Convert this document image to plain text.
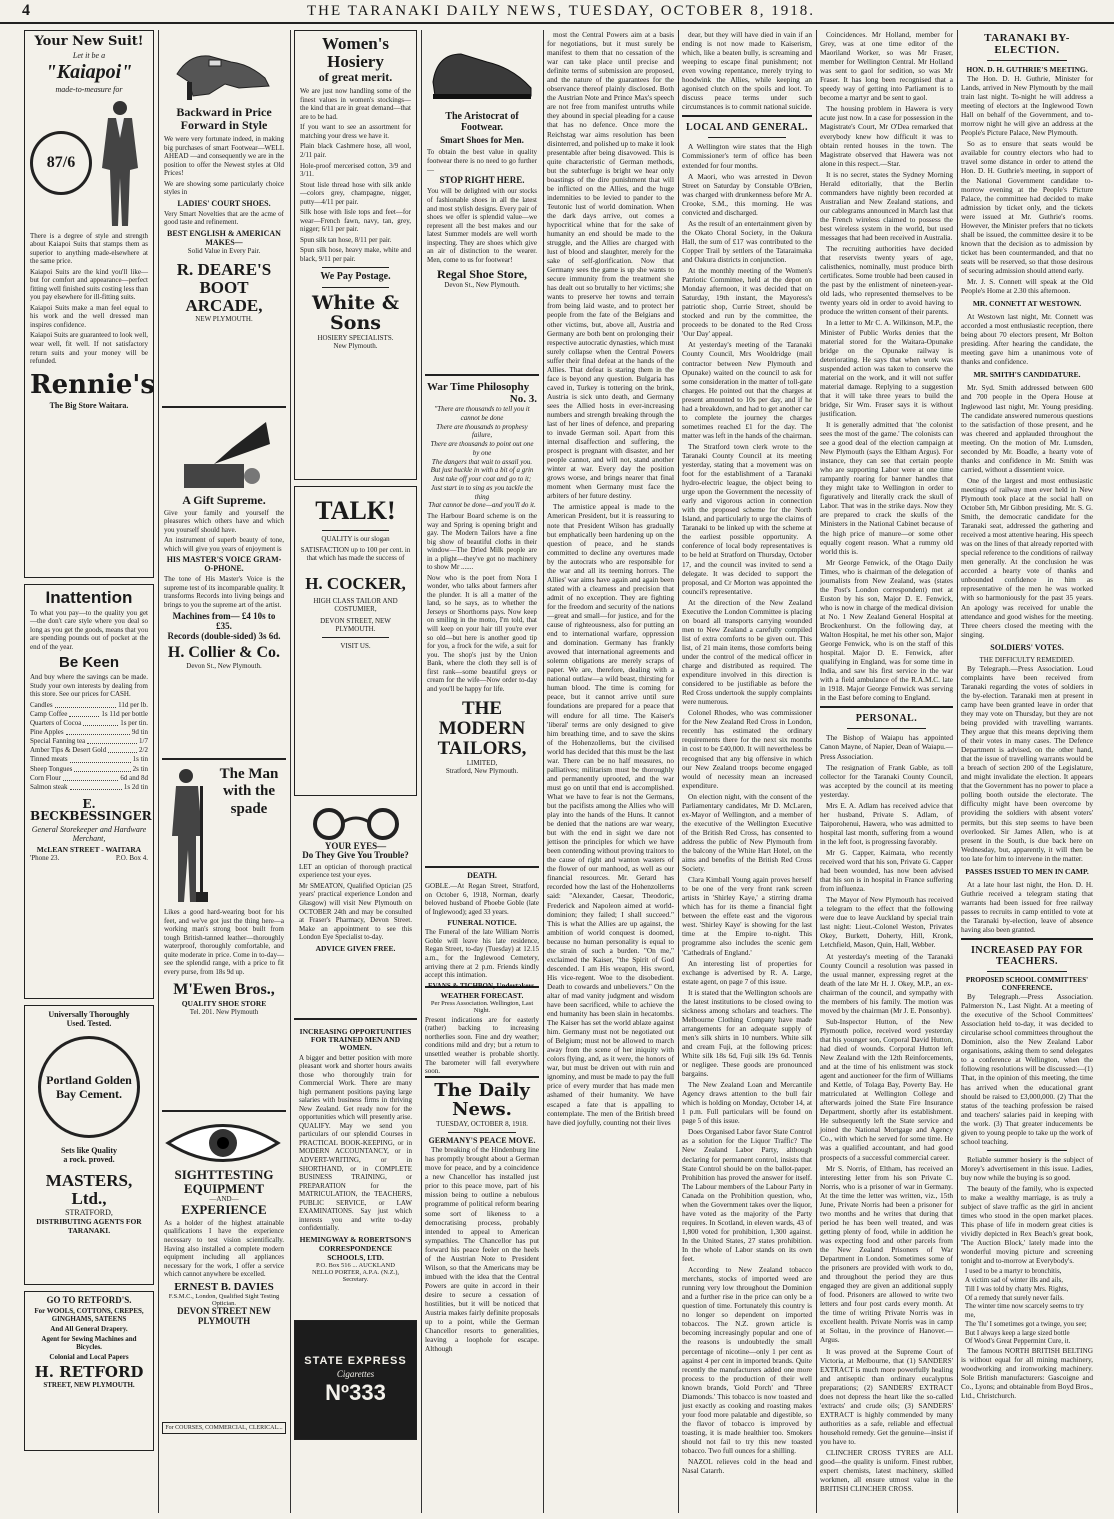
4	THE TARANAKI DAILY NEWS, TUESDAY, OCTOBER 8, 1918.
Your New Suit!
Let it be a
"Kaiapoi"
made-to-measure for
87/6

There is a degree of style and strength about Kaiapoi Suits that stamps them as superior to anything made-elsewhere at the same price.

Kaiapoi Suits are the kind you'll like—but for comfort and appearance—perfect fitting well finished suits costing less than you pay elsewhere for ill-fitting suits.

Kaiapoi Suits make a man feel equal to his work and the well dressed man inspires confidence.

Kaiapoi Suits are guaranteed to look well, wear well, fit well. If not satisfactory return suits and your money will be refunded.

Rennie's
The Big Store Waitara.
Inattention

To what you pay—to the quality you get—the don't care style where you deal so long as you get the goods, means that you are spending pounds out of pocket at the end of the year.

Be Keen

And buy where the savings can be made. Study your own interests by dealing from this store. See our prices for CASH.

Candles	11d per lb.
Camp Coffee	1s 11d per bottle
Quarters of Cocoa	1s per tin.
Pine Apples	9d tin
Special Fanning tea	1/7
Amber Tips & Desert Gold	2/2
Tinned meats	1s tin
Sheep Tongues	2s tin
Corn Flour	6d and 8d
Salmon steak	1s 2d tin
E. BECKBESSINGER
General Storekeeper and Hardware Merchant,
McLEAN STREET - WAITARA
'Phone 23.	P.O. Box 4.
Universally Thoroughly
Used. Tested.
Portland Golden Bay Cement.
Sets like Quality
a rock. proved.
MASTERS, Ltd.,
STRATFORD,
DISTRIBUTING AGENTS FOR TARANAKI.
GO TO RETFORD'S.
For WOOLS, COTTONS, CREPES, GINGHAMS, SATEENS
And All General Drapery.
Agent for Sewing Machines and Bicycles.
Colonial and Local Papers
H. RETFORD
STREET, NEW PLYMOUTH.
Backward in Price
Forward in Style

We were very fortunate indeed, in making big purchases of smart Footwear—WELL AHEAD —and consequently we are in the position to offer the Newest styles at Old Prices!

We are showing some particularly choice styles in

LADIES' COURT SHOES.

Very Smart Novelties that are the acme of good taste and refinement.

BEST ENGLISH & AMERICAN MAKES—
Solid Value in Every Pair.
R. DEARE'S BOOT ARCADE,
NEW PLYMOUTH.
A Gift Supreme.

Give your family and yourself the pleasures which others have and which you yourself should have.

An instrument of superb beauty of tone, which will give you years of enjoyment is

HIS MASTER'S VOICE GRAM-O-PHONE.

The tone of His Master's Voice is the supreme test of its incomparable quality. It transforms Records into living beings and brings to you the supreme art of the artist.

Machines from— £4 10s to £35.
Records (double-sided) 3s 6d.
H. Collier & Co.
Devon St., New Plymouth.
The Man with the spade

Likes a good hard-wearing boot for his feet, and we've got just the thing here—a working man's strong boot built from tough British-tanned leather—thoroughly waterproof, thoroughly comfortable, and quite moderate in price. Come in to-day—see the splendid range, with a price to fit every purse, from 18s 9d up.

M'Ewen Bros.,
QUALITY SHOE STORE
Tel. 201. New Plymouth
SIGHTTESTING
EQUIPMENT
—AND—
EXPERIENCE

As a holder of the highest attainable qualifications I have the experience necessary to test vision scientifically. Having also installed a complete modern equipment including all appliances necessary for the work, I offer a service which cannot anywhere be excelled.

ERNEST B. DAVIES
F.S.M.C., London, Qualified Sight Testing Optician.
DEVON STREET NEW PLYMOUTH
For COURSES, COMMERCIAL, CLERICAL...
Women's Hosiery
of great merit.

We are just now handling some of the finest values in women's stockings—the kind that are in great demand—that are to be had.

If you want to see an assortment for matching your dress we have it.

Plain black Cashmere hose, all wool, 2/11 pair.

Hole-proof mercerised cotton, 3/9 and 3/11.

Stout lisle thread hose with silk ankle—colors grey, champagne, nigger, putty—4/11 per pair.

Silk hose with lisle tops and feet—for wear—French fawn, navy, tan, grey, nigger; 6/11 per pair.

Spun silk tan hose, 8/11 per pair.

Spun silk hose, heavy make, white and black, 9/11 per pair.

We Pay Postage.
White & Sons
HOSIERY SPECIALISTS.
New Plymouth.
TALK!

QUALITY is our slogan

SATISFACTION up to 100 per cent. in that which has made the success of

H. COCKER,
HIGH CLASS TAILOR AND COSTUMIER,
DEVON STREET, NEW PLYMOUTH.
VISIT US.
YOUR EYES—
Do They Give You Trouble?

LET an optician of thorough practical experience test your eyes.

Mr SMEATON, Qualified Optician (25 years' practical experience London and Glasgow) will visit New Plymouth on OCTOBER 24th and may be consulted at Fraser's Pharmacy, Devon Street. Make an appointment to see this London Eye Specialist to-day.

ADVICE GIVEN FREE.
INCREASING OPPORTUNITIES FOR TRAINED MEN AND WOMEN.

A bigger and better position with more pleasant work and shorter hours awaits those who thoroughly train for Commercial Work. There are many high permanent positions paying large salaries with business firms in thriving New Zealand. Get ready now for the opportunities which will presently arise. QUALIFY. May we send you particulars of our splendid Courses in PRACTICAL BOOK-KEEPING, or in MODERN ACCOUNTANCY, or in ADVERT-WRITING, or in SHORTHAND, or in COMPLETE BUSINESS TRAINING, or PREPARATION for the MATRICULATION, the TEACHERS, PUBLIC SERVICE, or LAW EXAMINATIONS. Say just which interests you and write to-day confidentially.

HEMINGWAY & ROBERTSON'S CORRESPONDENCE SCHOOLS, LTD.
P.O. Box 516 ... AUCKLAND
NELLO PORTER, A.P.A. (N.Z.), Secretary.
STATE EXPRESS
Cigarettes
Nº333
The Aristocrat of Footwear.
Smart Shoes for Men.

To obtain the best value in quality footwear there is no need to go further—

STOP RIGHT HERE.

You will be delighted with our stocks of fashionable shoes in all the latest and most stylish designs. Every pair of shoes we offer is splendid value—we represent all the best makes and our latest Summer models are well worth inspecting. They are shoes which give an air of distinction to the wearer. Men, come to us for footwear!

Regal Shoe Store,
Devon St., New Plymouth.
War Time Philosophy
No. 3.
"There are thousands to tell you it cannot be done
There are thousands to prophesy failure,
There are thousands to point out one by one
The dangers that wait to assail you.
But just buckle in with a bit of a grin
Just take off your coat and go to it;
Just start in to sing as you tackle the thing
That cannot be done—and you'll do it.

The Harbour Board scheme is on the way and Spring is opening bright and gay. The Modern Tailors have a fine big show of beautiful cloths in their window—The Dried Milk people are in a plight—they've got no machinery to show Mr .......

Now who is the poet from Nora I wonder, who talks about farmers after the plunder. It is all a matter of the land, so he says, as to whether the Jerseys or Shorthorns pays. Now keep on smiling in the motto, I'm told, that will keep on your hair till you're ever so old—but here is another good tip for you, a frock for the wife, a suit for you. The shop's just by the Union Bank, where the cloth they sell is of first rank—some beautiful greys or cream for the wife—Now order to-day and you'll be happy for life.

THE MODERN TAILORS,
LIMITED,
Stratford, New Plymouth.
DEATH.

GOBLE.—At Regan Street, Stratford, on October 6, 1918, Norman, dearly beloved husband of Phoebe Goble (late of Inglewood); aged 33 years.

FUNERAL NOTICE.

The Funeral of the late William Norris Goble will leave his late residence, Regan Street, to-day (Tuesday) at 12.15 a.m., for the Inglewood Cemetery, arriving there at 2 p.m. Friends kindly accept this intimation.

EVANS & TICHBON, Undertakers.
WEATHER FORECAST.
Per Press Association. Wellington, Last Night.

Present indications are for easterly (rather) backing to increasing northerlies soon. Fine and dry weather; conditions mild and dry; but a return to unsettled weather is probable shortly. The barometer will fall everywhere soon.

The Daily News.
TUESDAY, OCTOBER 8, 1918.
GERMANY'S PEACE MOVE.

The breaking of the Hindenburg line has promptly brought about a German move for peace, and by a coincidence a new Chancellor has installed just prior to this peace move, part of his mission being to outline a nebulous programme of political reform bearing some sort of likeness to a democratising process, probably intended to appeal to American sympathies. The Chancellor has put forward his peace feeler on the heels of the Austrian Note to President Wilson, so that the Americans may be imbued with the idea that the Central Powers are quite in accord in their desire to secure a cessation of hostilities, but it will be noticed that Austria makes fairly definite proposals up to a point, while the German Chancellor resorts to generalities, leaving a loophole for escape. Although

most the Central Powers aim at a basis for negotiations, but it must surely be manifest to them that no cessation of the war can take place until precise and definite terms of submission are proposed, and the nature of the guarantees for the observance thereof plainly disclosed. Both the Austrian Note and Prince Max's speech are not free from manifest untruths while they abound in special pleading for a cause that has no defence. Once more the Reichstag war aims resolution has been disinterred, and polished up to make it look presentable after being disavowed. This is quite characteristic of German methods, but the subterfuge is bright we hear only boastings of the dire punishment that will be inflicted on the Allies, and the huge indemnities to be levied to pander to the Teutonic lust of world domination. When the dark days arrive, out comes a hypocritical whine that for the sake of humanity an end should be made to the struggle, and the Allies are charged with lust of blood and slaughter, merely for the sake of self-glorification. Now that Germany sees the game is up she wants to secure immunity from the treatment she has dealt out so brutally to her victims; she wants to preserve her towns and terrain from being laid waste, and to protect her people from the fate of the Belgians and other victims, but, above all, Austria and Germany are both bent on prolonging their respective autocratic dynasties, which must surely collapse when the Central Powers suffer their final defeat at the hands of the Allies. That defeat is staring them in the face is beyond any question. Bulgaria has caved in, Turkey is tottering on the brink, Austria is sick unto death, and Germany sees the Allied hosts in ever-increasing numbers and strength breaking through the last of her lines of defence, and preparing to invade German soil. Apart from this internal disaffection and suffering, the prospect is pregnant with disaster, and her people cannot, and will not, stand another winter at war. Every day the position grows worse, and brings nearer that final moment when Germany must face the arbiters of her future destiny.

The armistice appeal is made to the American President, but it is reassuring to note that President Wilson has gradually but emphatically been hardening up on the question of peace, and he stands committed to decline any overtures made by the autocrats who are responsible for the war and all its teeming horrors. The Allies' war aims have again and again been stated with a clearness and precision that admit of no exception. They are fighting for the freedom and security of the nations—great and small—for justice, and for the cause of righteousness, also for putting an end to international warfare, oppression and domination. Germany has frankly avowed that international agreements and solemn obligations are merely scraps of paper. We are, therefore, dealing with a national outlaw—a wild beast, thirsting for human blood. The time is coming for peace, but it cannot arrive until sure foundations are prepared for a peace that will endure for all time. The Kaiser's 'liberal' terms are only designed to give him breathing time, and to save the skins of the Hohenzollerns, but the civilised world has decided that this must be the last war. There can be no half measures, no palliatives; militarism must be thoroughly and permanently uprooted, and the war must go on until that end is accomplished. What we have to fear is not the Germans, but the pacifists among the Allies who will play into the hands of the Huns. It cannot be denied that the nations are war weary, but with the end in sight we dare not jettison the principles for which we have been contending without proving traitors to the cause of right and wanton wasters of the flower of our manhood, as well as our financial resources. Mr. Gerard has recorded how the last of the Hohenzollerns said: "Alexander, Caesar, Theodoric, Frederick and Napoleon aimed at world-dominion; they failed; I shall succeed." This is what the Allies are up against, the ambition of world conquest is doomed, because no human personality is equal to the strain of such a burden. "On me," exclaimed the Kaiser, "the Spirit of God descended. I am His weapon, His sword, His vice-regent. Woe to the disobedient. Death to cowards and unbelievers." On the altar of mad vanity judgment and wisdom have been sacrificed, while to achieve the end humanity has been slain in hecatombs. The Kaiser has set the world ablaze against him. Germany must not be negotiated out of Belgium; must not be allowed to march away from the scene of her iniquity with colors flying, and, as it were, the honors of war, but must be driven out with ruin and ignominy, and must be made to pay the full price of every murder that has made men ashamed of their humanity. We have escaped a fate that is appalling to contemplate. The men of the British breed have died joyfully, counting not their lives

dear, but they will have died in vain if an ending is not now made to Kaiserism, which, like a beaten bully, is screaming and weeping to escape final punishment; not even vowing repentance, merely trying to hoodwink the Allies, while keeping an agonised clutch on the spoils and loot. To discuss peace terms under such circumstances is to commit national suicide.

LOCAL AND GENERAL.

A Wellington wire states that the High Commissioner's term of office has been extended for four months.

A Maori, who was arrested in Devon Street on Saturday by Constable O'Brien, was charged with drunkenness before Mr A. Crooke, S.M., this morning. He was convicted and discharged.

As the result of an entertainment given by the Okato Choral Society, in the Oakura Hall, the sum of £17 was contributed to the Copper Trail by settlers of the Tataraimaka and Oakura districts in conjunction.

At the monthly meeting of the Women's Patriotic Committee, held at the depot on Monday afternoon, it was decided that on Saturday, 19th instant, the Mayoress's patriotic shop, Currie Street, should be stocked and run by the committee, the proceeds to be donated to the Red Cross 'Our Day' appeal.

At yesterday's meeting of the Taranaki County Council, Mrs Wooldridge (mail contractor between New Plymouth and Opunake) waited on the council to ask for some consideration in the matter of toll-gate charges. He pointed out that the charges at present amounted to 10s per day, and if he had a breakdown, and had to get another car to complete the journey the charges sometimes reached £1 for the day. The matter was left in the hands of the chairman.

The Stratford town clerk wrote to the Taranaki County Council at its meeting yesterday, stating that a movement was on foot for the establishment of a Taranaki hydro-electric league, the object being to urge upon the Government the necessity of early and vigorous action in connection with the proposed scheme for the North Island, and particularly to urge the claims of Taranaki to be linked up with the scheme at the earliest possible opportunity. A conference of local body representatives is to be held at Stratford on Thursday, October 17, and the council was invited to send a delegate. It was decided to support the proposal, and Cr Morton was appointed the council's representative.

At the direction of the New Zealand Executive the London Committee is placing on board all transports carrying wounded men to New Zealand a carefully compiled list of extra comforts to be given out. This list, of 21 main items, those comforts being under the control of the medical officer in charge and distributed as required. The expenditure involved in this direction is considered to be justifiable as before the Red Cross undertook the supply complaints were numerous.

Colonel Rhodes, who was commissioner for the New Zealand Red Cross in London, recently has estimated the ordinary requirements there for the next six months in cost to be £40,000. It will nevertheless be recognised that any big offensive in which our New Zealand troops become engaged would of necessity mean an increased expenditure.

On election night, with the consent of the Parliamentary candidates, Mr D. McLaren, ex-Mayor of Wellington, and a member of the executive of the Wellington Executive of the British Red Cross, has consented to address the public of New Plymouth from the balcony of the White Hart Hotel, on the aims and benefits of the British Red Cross Society.

Clara Kimball Young again proves herself to be one of the very front rank screen artists in 'Shirley Kaye,' a stirring drama which has for its theme a financial fight between the effete east and the vigorous west. 'Shirley Kaye' is showing for the last time at the Empire to-night. This programme also includes the scenic gem 'Cathedrals of England.'

An interesting list of properties for exchange is advertised by R. A. Large, estate agent, on page 7 of this issue.

It is stated that the Wellington schools are the latest institutions to be closed owing to sickness among scholars and teachers. The Melbourne Clothing Company have made arrangements for an adequate supply of men's silk shirts in 10 numbers. White silk and cream Fuji, at the following prices: White silk 18s 6d, Fuji silk 19s 6d. Tennis or negligee. These goods are pronounced bargains.

The New Zealand Loan and Mercantile Agency draws attention to the bull fair which is holding on Monday, October 14, at 1 p.m. Full particulars will be found on page 5 of this issue.

Does Organised Labor favor State Control as a solution for the Liquor Traffic? The New Zealand Labor Party, although declaring for permanent control, insists that State Control should be on the ballot-paper. Prohibition has proved the answer for itself. The Labour members of the Labour Party in Canada on the Prohibition question, who, when the Government takes over the liquor, have voted as the majority of the Party requires. In Scotland, in eleven wards, 43 of 1,800 voted for prohibition, 1,300 against. In the United States, 27 states prohibition. In the whole of Labor stands on its own feet.

According to New Zealand tobacco merchants, stocks of imported weed are running very low throughout the Dominion and a further rise in the price can only be a question of time. Fortunately this country is no longer so dependent on imported tobaccos. The N.Z. grown article is becoming increasingly popular and one of the reasons is undoubtedly the small percentage of nicotine—only 1 per cent as against 4 per cent in imported brands. Quite recently the manufacturers added one more process to the production of their well known brands, 'Gold Porch' and 'Three Diamonds.' This tobacco is now toasted and just exactly as cooking and roasting makes your food more palatable and digestible, so the flavor of tobacco is improved by toasting, it is made healthier too. Smokers should not fail to try this new toasted tobacco. Two full ounces for a shilling.

NAZOL relieves cold in the head and Nasal Catarrh.

Coincidences. Mr Holland, member for Grey, was at one time editor of the Maoriland Worker, so was Mr Fraser, member for Wellington Central. Mr Holland was sent to gaol for sedition, so was Mr Fraser. It has long been recognised that a speedy way of getting into Parliament is to become a martyr and be sent to gaol.

The housing problem in Hawera is very acute just now. In a case for possession in the Magistrate's Court, Mr O'Dea remarked that everybody knew how difficult it was to obtain rented houses in the town. The Magistrate observed that Hawera was not alone in this respect.—Star.

It is no secret, states the Sydney Morning Herald editorially, that the Berlin commanders have nightly been recorded at Australian and New Zealand stations, and our cablegrams announced in March last that the French wireless claimed to possess the best wireless system in the world, but used messages that had been received in Australia.

The recruiting authorities have decided that reservists twenty years of age, calisthenics, nominally, must produce birth certificates. Some trouble had been caused in the past by the enlistment of nineteen-year-old lads, who represented themselves to be twenty years old in order to avoid having to produce the written consent of their parents.

In a letter to Mr C. A. Wilkinson, M.P., the Minister of Public Works denies that the material stored for the Waitara-Opunake bridge on the Opunake railway is deteriorating. He says that when work was suspended action was taken to conserve the material on the work, and it will not suffer material damage. Replying to a suggestion that it will take three years to build the bridge, Sir Wm. Fraser says it is without justification.

It is generally admitted that 'the colonist sees the most of the game.' The colonists can see a good deal of the election campaign at New Plymouth (says the Eltham Argus). For instance, they can see that certain people who are supporting Labor were at one time rampantly roaring for banner handles that they might take to Wellington in order to figuratively and literally crack the skull of Labor. That was in the strike days. Now they are prepared to crack the skulls of the Ministers in the National Cabinet because of the high price of manure—or some other equally cogent reason. What a rummy old world this is.

Mr George Fenwick, of the Otago Daily Times, who is chairman of the delegation of journalists from New Zealand, was (states the Post's London correspondent) met at Euston by his son, Major D. E. Fenwick, who is now in charge of the medical division at No. 1 New Zealand General Hospital at Brockenhurst. On the following day, at Walton Hospital, he met his other son, Major George Fenwick, who is on the staff of this hospital. Major D. E. Fenwick, after qualifying in England, was for some time in India, and saw his first service in the war with a field ambulance of the R.A.M.C. late in 1918. Major George Fenwick was serving in the East before coming to England.

PERSONAL.

The Bishop of Waiapu has appointed Canon Mayne, of Napier, Dean of Waiapu.—Press Association.

The resignation of Frank Gable, as toll collector for the Taranaki County Council, was accepted by the council at its meeting yesterday.

Mrs E. A. Adlam has received advice that her husband, Private S. Adlam, of Taiporohenui, Hawera, who was admitted to hospital last month, suffering from a wound in the left foot, is progressing favorably.

Mr G. Capper, Kaimata, who recently received word that his son, Private G. Capper had been wounded, has now been advised that his son is in hospital in France suffering from influenza.

The Mayor of New Plymouth has received a telegram to the effect that the following were due to leave Auckland by special train last night: Lieut.-Colonel Weston, Privates Okey, Burkett, Doherty, Hill, Kronk, Letchfield, Mason, Quin, Hall, Webber.

At yesterday's meeting of the Taranaki County Council a resolution was passed in the usual manner, expressing regret at the death of the late Mr H. J. Okey, M.P., an ex-chairman of the council, and sympathy with the members of his family. The motion was moved by the chairman (Mr J. E. Ponsonby).

Sub-Inspector Hutton, of the New Plymouth police, received word yesterday that his younger son, Corporal David Hutton, had died of wounds. Corporal Hutton left New Zealand with the 12th Reinforcements, and at the time of his enlistment was stock agent and auctioneer for the firm of Williams and Kettle, of Tolaga Bay, Poverty Bay. He matriculated at Wellington College and afterwards joined the State Fire Insurance Department, shortly after its establishment. He subsequently left the State service and joined the National Mortgage and Agency Co., with which he served for some time. He was a qualified accountant, and had good prospects of a successful commercial career.

Mr S. Norris, of Eltham, has received an interesting letter from his son Private C. Norris, who is a prisoner of war in Germany. At the time the letter was written, viz., 15th June, Private Norris had been a prisoner for two months and he writes that during that period he has been well treated, and was getting plenty of food, while in addition he was expecting food and other parcels from the New Zealand Prisoners of War Department in London. Sometimes some of the prisoners are provided with work to do, and throughout the period they are thus engaged they are given an additional supply of food. Prisoners are allowed to write two letters and four post cards every month. At the time of writing Private Norris was in excellent health. Private Norris was in camp at Soltau, in the province of Hanover.—Argus.

It was proved at the Supreme Court of Victoria, at Melbourne, that (1) SANDERS' EXTRACT is much more powerfully healing and antiseptic than ordinary eucalyptus preparations; (2) SANDERS' EXTRACT does not depress the heart like the so-called 'extracts' and crude oils; (3) SANDERS' EXTRACT is highly commended by many authorities as a safe, reliable and effectual household remedy. Get the genuine—insist if you have to.

CLINCHER CROSS TYRES are ALL good—the quality is uniform. Finest rubber, expert chemists, latest machinery, skilled workmen, all ensure utmost value in the BRITISH CLINCHER CROSS.

TARANAKI BY-ELECTION.
HON. D. H. GUTHRIE'S MEETING.

The Hon. D. H. Guthrie, Minister for Lands, arrived in New Plymouth by the mail train last night. To-night he will address a meeting of electors at the Inglewood Town Hall on behalf of the Government, and to-morrow night he will give an address at the People's Picture Palace, New Plymouth.

So as to ensure that seats would be available for country electors who had to travel some distance in order to attend the Hon. D. H. Guthrie's meeting, in support of the National Government candidate to-morrow evening at the People's Picture Palace, the committee had decided to make admission by ticket only, and the tickets were issued at Mr. Guthrie's rooms. However, the Minister prefers that no tickets shall be issued, the committee desire it to be known that the decision as to admission by ticket has been countermanded, and that no seats will be reserved, so that those desirous of securing admission should attend early.

Mr. J. S. Connett will speak at the Old People's Home at 2.30 this afternoon.

MR. CONNETT AT WESTOWN.

At Westown last night, Mr. Connett was accorded a most enthusiastic reception, there being about 70 electors present, Mr Bolton presiding. After hearing the candidate, the meeting gave him a unanimous vote of thanks and confidence.

MR. SMITH'S CANDIDATURE.

Mr. Syd. Smith addressed between 600 and 700 people in the Opera House at Inglewood last night, Mr. Young presiding. The candidate answered numerous questions to the satisfaction of those present, and he was cheered and applauded throughout the meeting. On the motion of Mr. Lumsden, seconded by Mr. Boadle, a hearty vote of thanks and confidence in Mr. Smith was carried, without a dissentient voice.

One of the largest and most enthusiastic meetings of railway men ever held in New Plymouth took place at the social hall on October 5th, Mr Gibbon presiding. Mr. S. G. Smith, the democratic candidate for the Taranaki seat, addressed the gathering and received a most attentive hearing. His speech was on the lines of that already reported with special reference to the conditions of railway men generally. At the conclusion he was accorded a hearty vote of thanks and unbounded confidence in him as representative of the men he was worked with so harmoniously for the past 35 years. An apology was received for unable the attendance and good wishes for the meeting. Three cheers closed the meeting with the singing.

SOLDIERS' VOTES.
THE DIFFICULTY REMEDIED.

By Telegraph.—Press Association. Loud complaints have been received from Taranaki regarding the votes of soldiers in the by-election. Taranaki men at present in camp have been granted leave in order that they may vote on Thursday, but they are not being provided with travelling warrants. They argue that this means depriving them of their votes in many cases. The Defence Department is advised, on the other hand, that the issue of travelling warrants would be a breach of section 200 of the Legislature, and might invalidate the election. It appears that the Government has no power to place a polling booth outside the electorate. The difficulty might have been overcome by providing the soldiers with absent voters' permits, but this step seems to have been overlooked. Sir James Allen, who is at present in the South, is due back here on Wednesday, but, apparently, it will then be too late for him to intervene in the matter.

PASSES ISSUED TO MEN IN CAMP.

At a late hour last night, the Hon. D. H. Guthrie received a telegram stating that warrants had been issued for free railway passes to recruits in camp entitled to vote at the Taranaki by-election, leave of absence having also been granted.

INCREASED PAY FOR TEACHERS.
PROPOSED SCHOOL COMMITTEES' CONFERENCE.

By Telegraph.—Press Association. Palmerston N., Last Night. At a meeting of the executive of the School Committees' Association held to-day, it was decided to circularise school committees throughout the Dominion, also the New Zealand Labor organisations, asking them to send delegates to a conference at Wellington, when the following resolutions will be discussed:—(1) That, in the opinion of this meeting, the time has arrived when the educational grant should be raised to £3,000,000. (2) That the status of the teaching profession be raised and teachers' salaries paid in keeping with the work. (3) That greater inducements be given to young people to take up the work of school teaching.

Reliable summer hosiery is the subject of Morey's advertisement in this issue. Ladies, buy now while the buying is so good.

The beauty of the family, who is expected to make a wealthy marriage, is as truly a subject of slave traffic as the girl in ancient times who stood in the open market places. This phase of life in modern great cities is vividly depicted in Rex Beach's great book, 'The Auction Block,' lately made into the wonderful moving picture and screening tonight and to-morrow at Everybody's.

I used to be a martyr to bronchitis,
A victim sad of winter ills and ails,
Till I was told by chatty Mrs. Rights,
Of a remedy that surely never fails.
The winter time now scarcely seems to try me,
The 'flu' I sometimes got a twinge, you see;
But I always keep a large sized bottle
Of Wood's Great Peppermint Cure, it.

The famous NORTH BRITISH BELTING is without equal for all mining machinery, woodworking and ironworking machinery. Sole British manufacturers: Gascoigne and Co., Lyons; and obtainable from Boyd Bros., Ltd., Christchurch.
